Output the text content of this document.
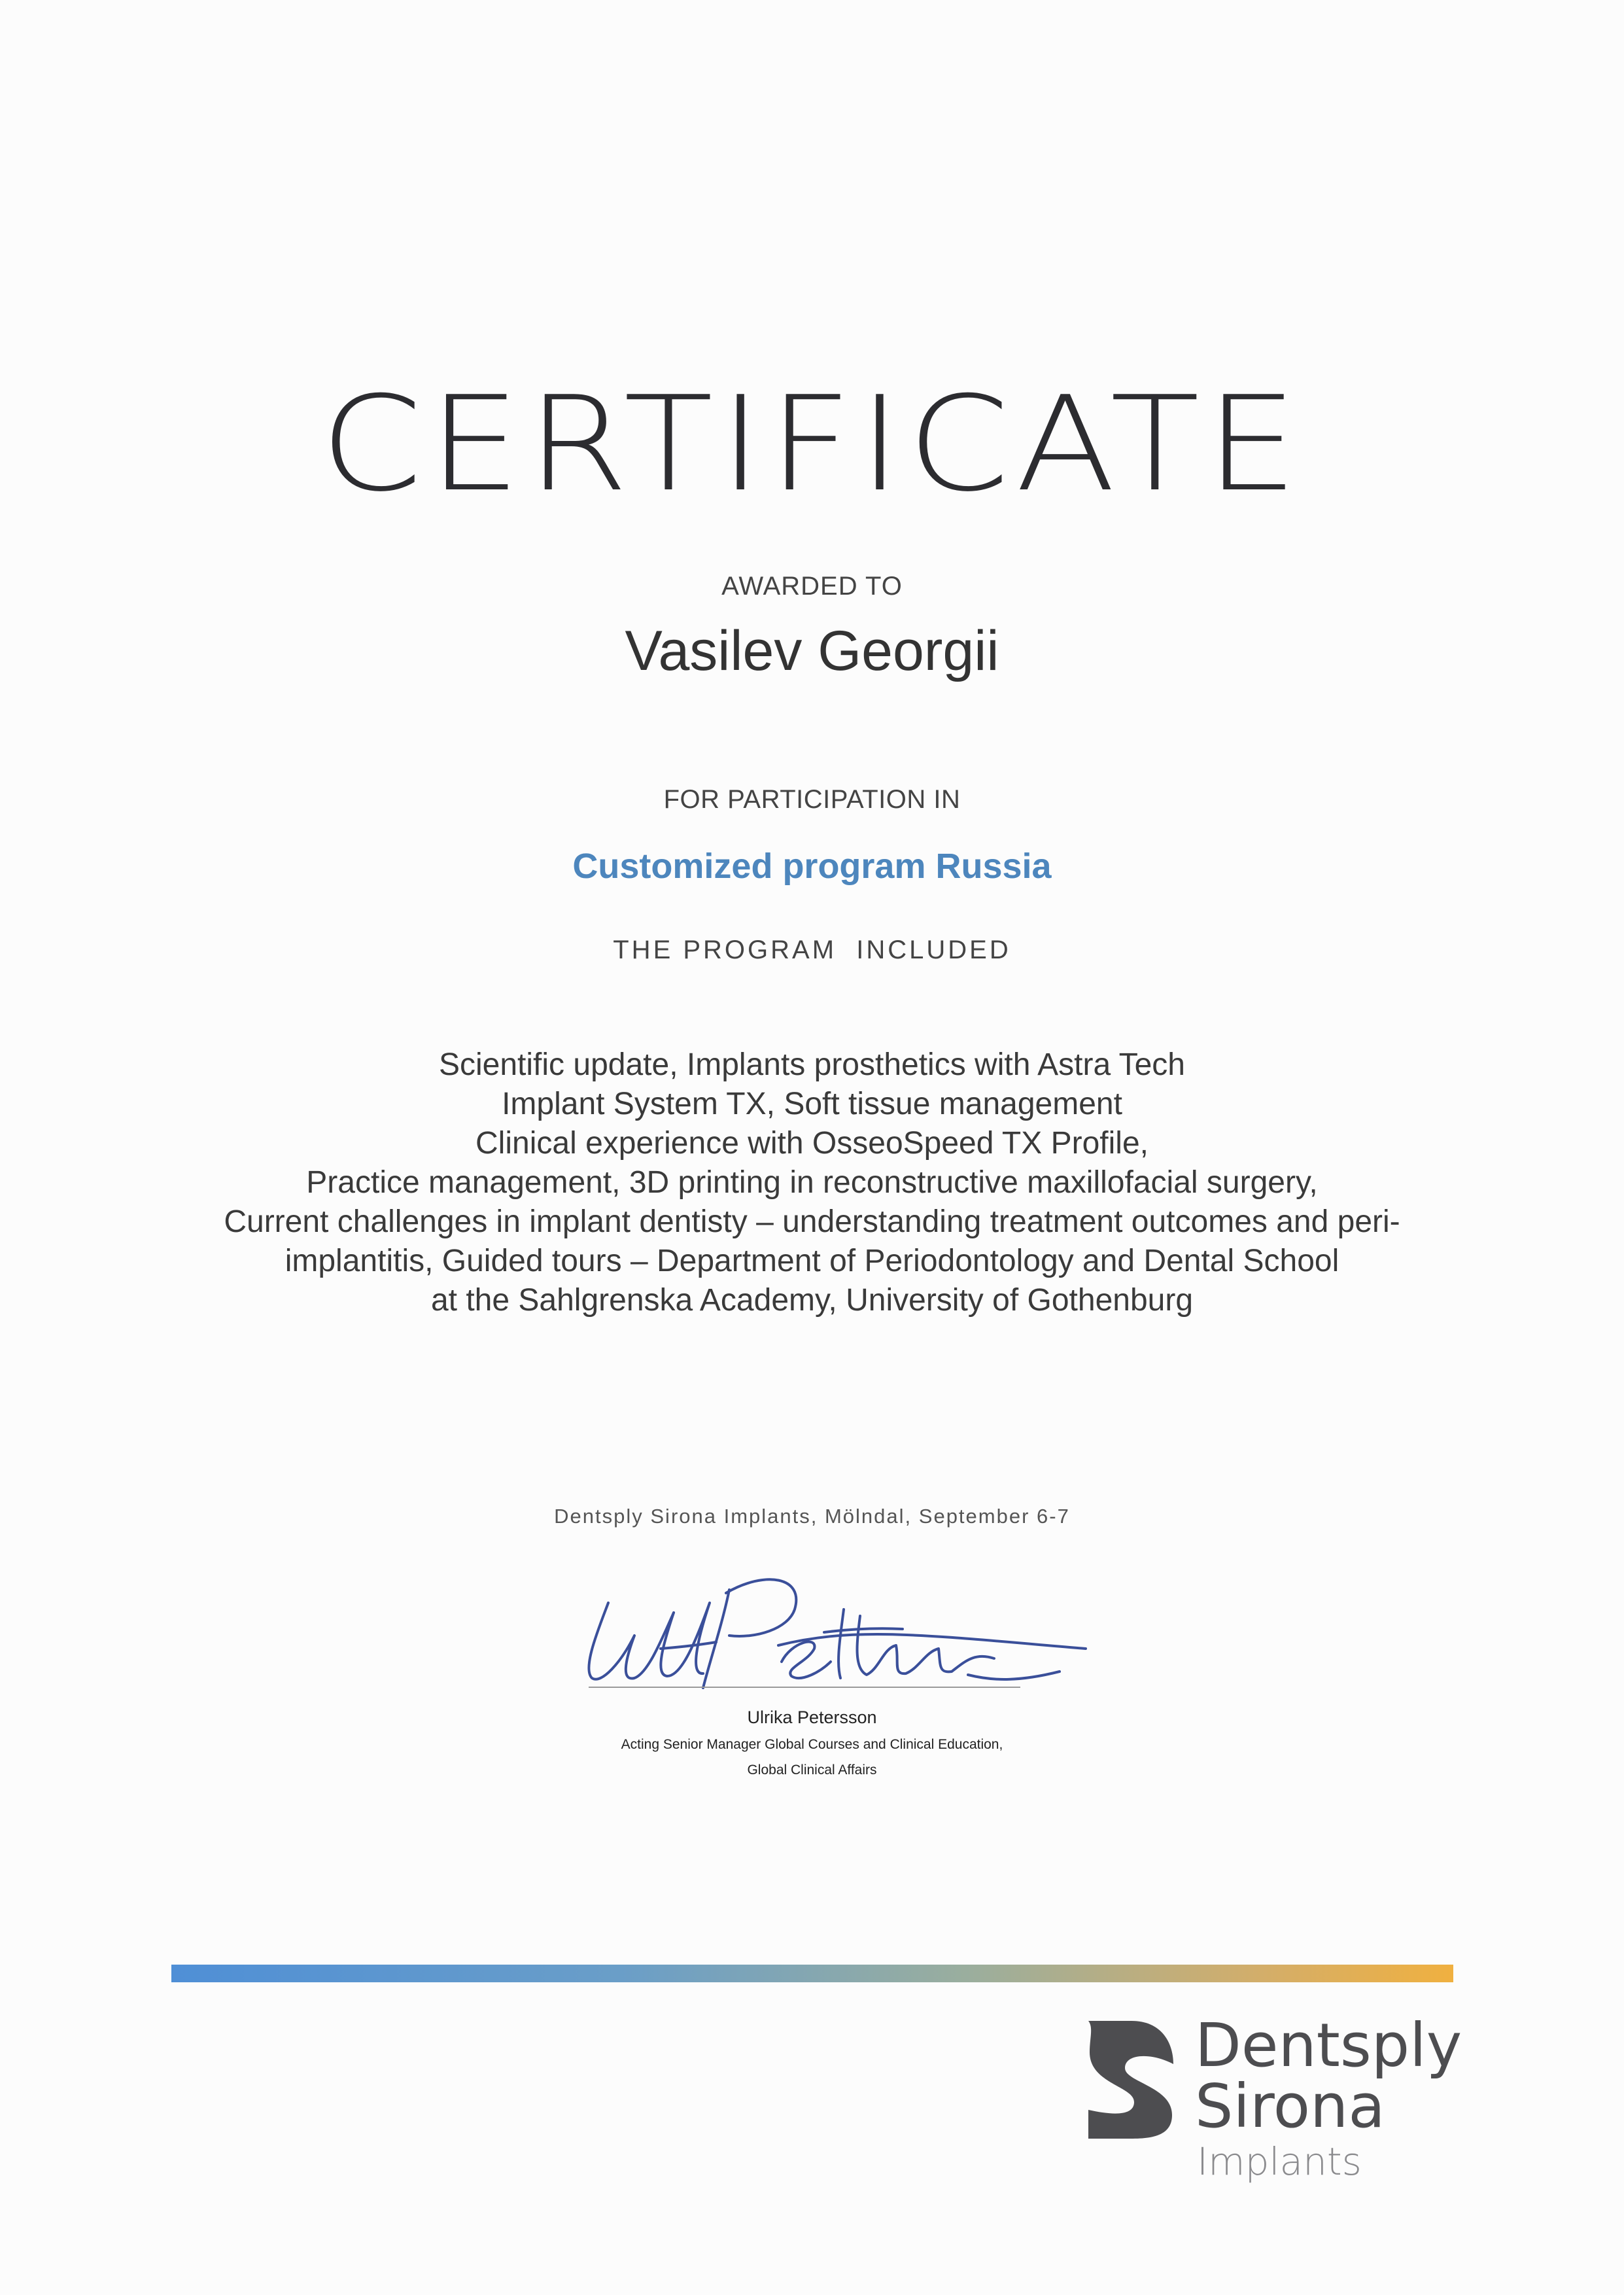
CERTIFICATE
AWARDED TO
Vasilev Georgii
FOR PARTICIPATION IN
Customized program Russia
THE PROGRAM  INCLUDED
Scientific update, Implants prosthetics with Astra Tech
Implant System TX, Soft tissue management
Clinical experience with OsseoSpeed TX Profile,
Practice management, 3D printing in reconstructive maxillofacial surgery,
Current challenges in implant dentisty – understanding treatment outcomes and peri-
implantitis, Guided tours – Department of Periodontology and Dental School
at the Sahlgrenska Academy, University of Gothenburg
Dentsply Sirona Implants, Mölndal, September 6-7
Ulrika Petersson
Acting Senior Manager Global Courses and Clinical Education,
Global Clinical Affairs
Dentsply
Sirona
Implants
